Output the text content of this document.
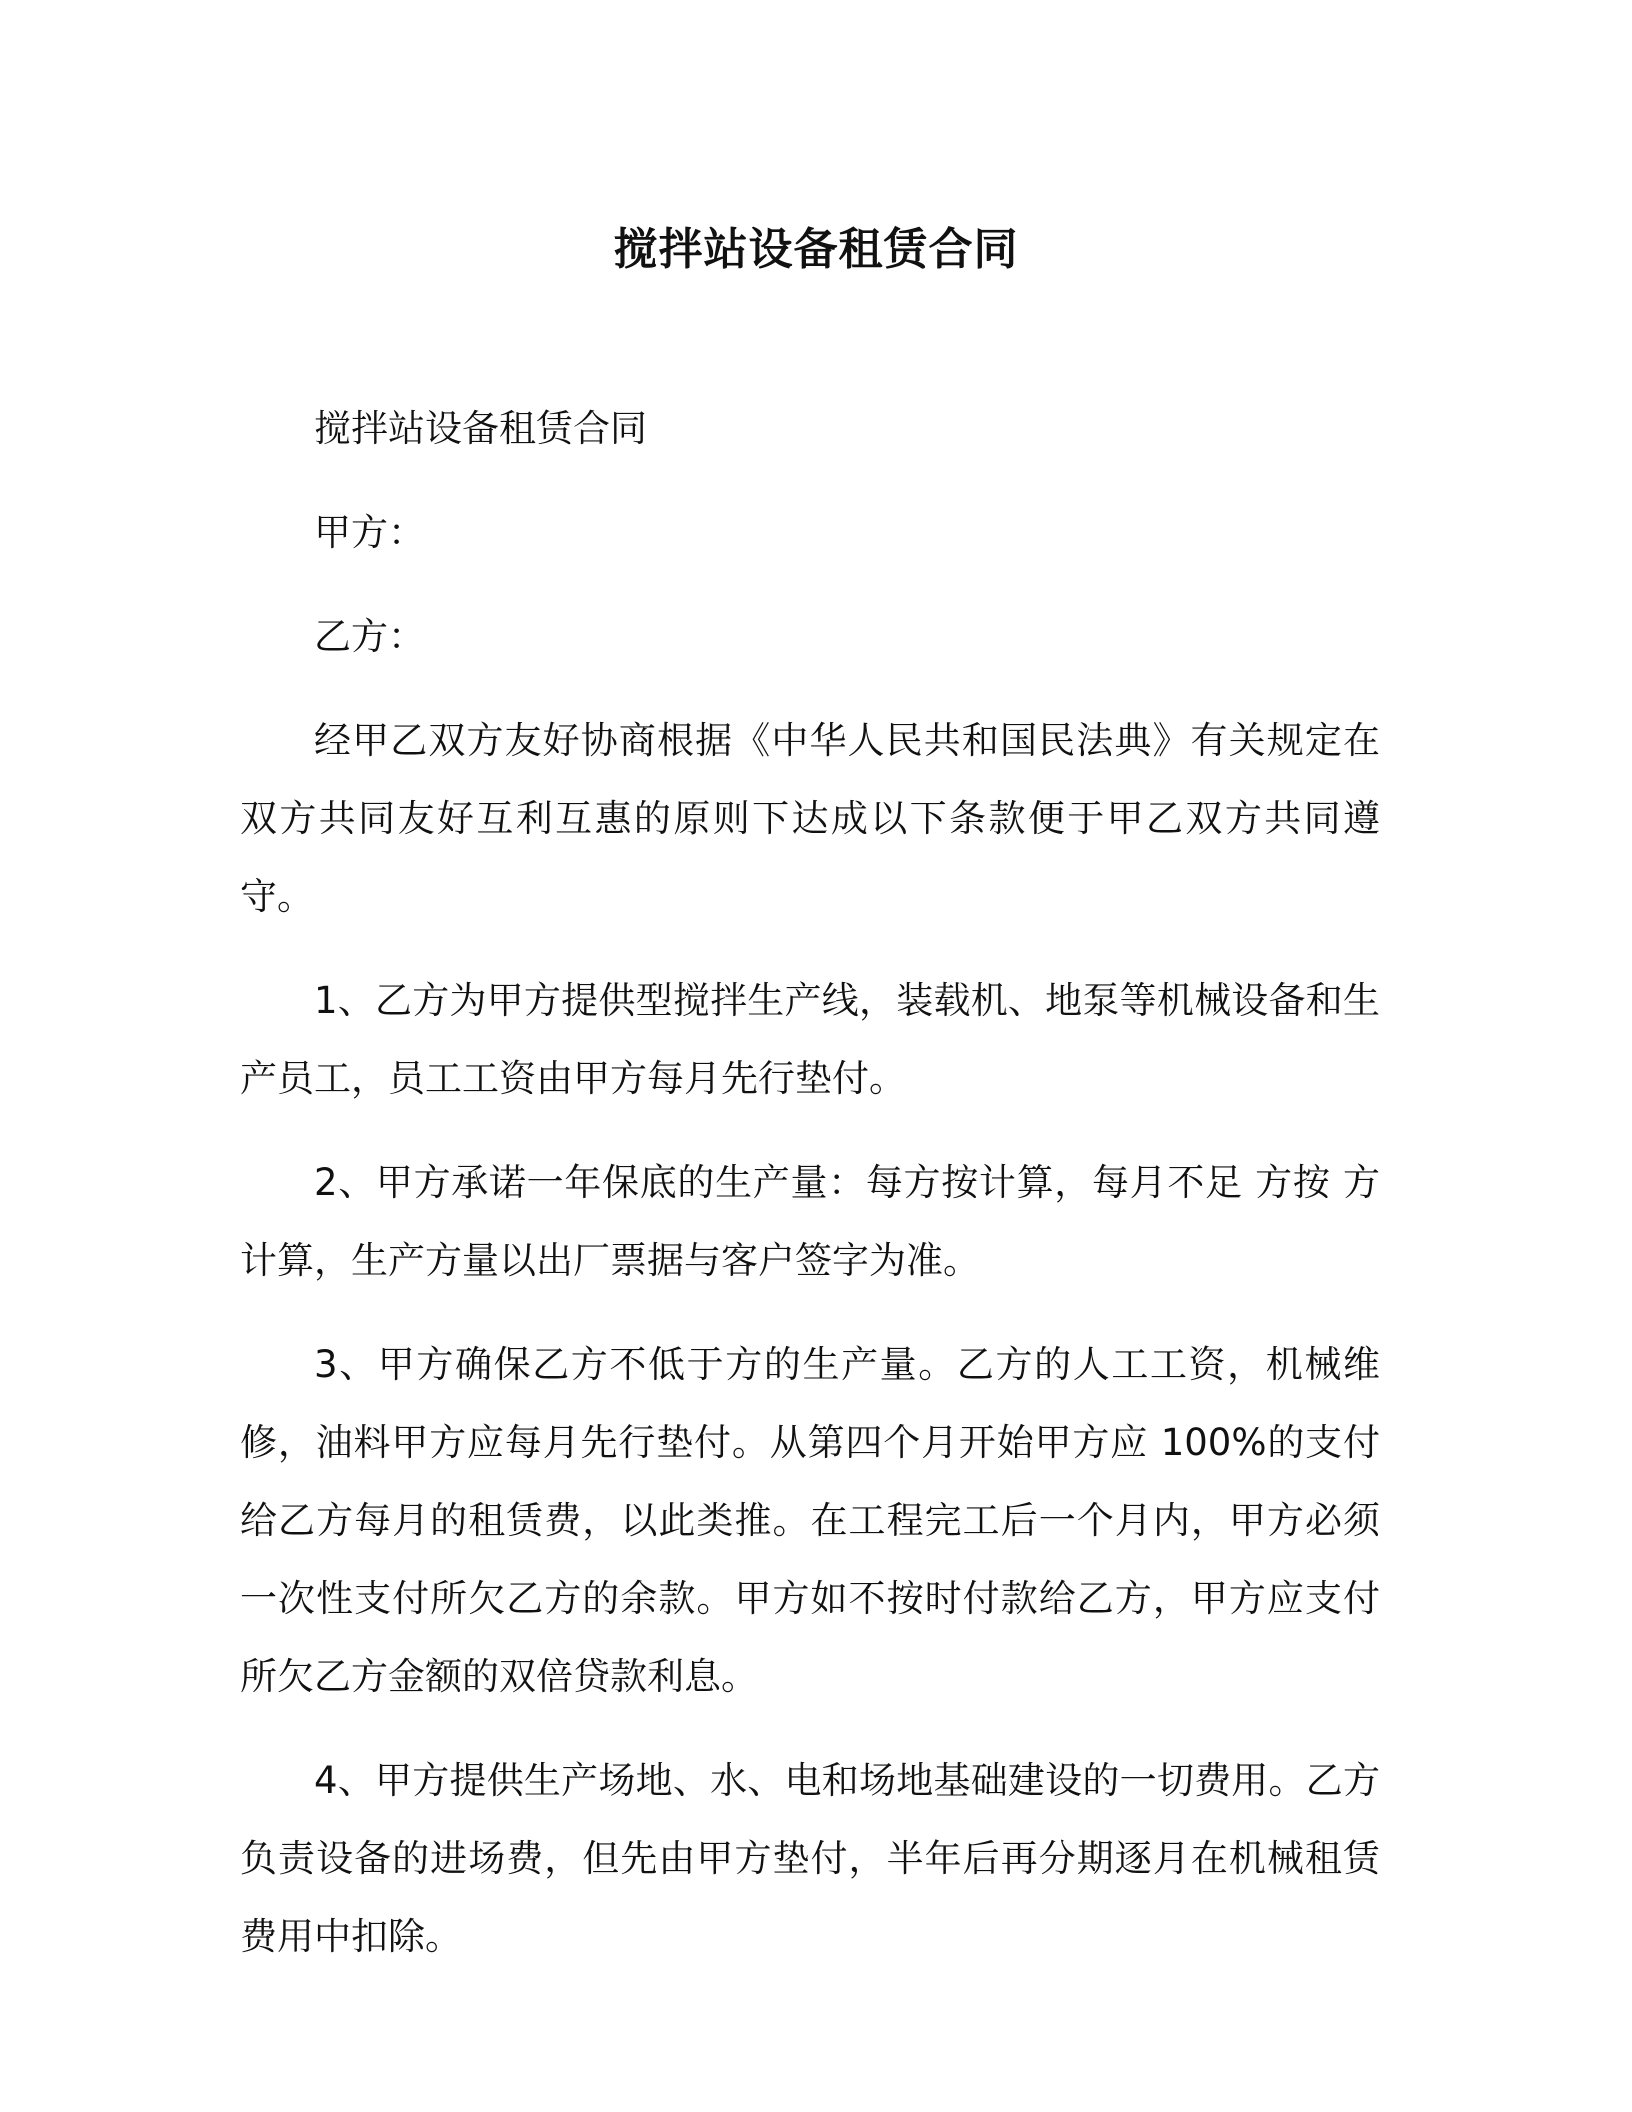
搅拌站设备租赁合同

搅拌站设备租赁合同

甲方：

乙方：

经甲乙双方友好协商根据《中华人民共和国民法典》有关规定在双方共同友好互利互惠的原则下达成以下条款便于甲乙双方共同遵守。

1、乙方为甲方提供型搅拌生产线，装载机、地泵等机械设备和生产员工，员工工资由甲方每月先行垫付。

2、甲方承诺一年保底的生产量：每方按计算，每月不足 方按 方计算，生产方量以出厂票据与客户签字为准。

3、甲方确保乙方不低于方的生产量。乙方的人工工资，机械维修，油料甲方应每月先行垫付。从第四个月开始甲方应 100%的支付给乙方每月的租赁费，以此类推。在工程完工后一个月内，甲方必须一次性支付所欠乙方的余款。甲方如不按时付款给乙方，甲方应支付所欠乙方金额的双倍贷款利息。

4、甲方提供生产场地、水、电和场地基础建设的一切费用。乙方负责设备的进场费，但先由甲方垫付，半年后再分期逐月在机械租赁费用中扣除。
